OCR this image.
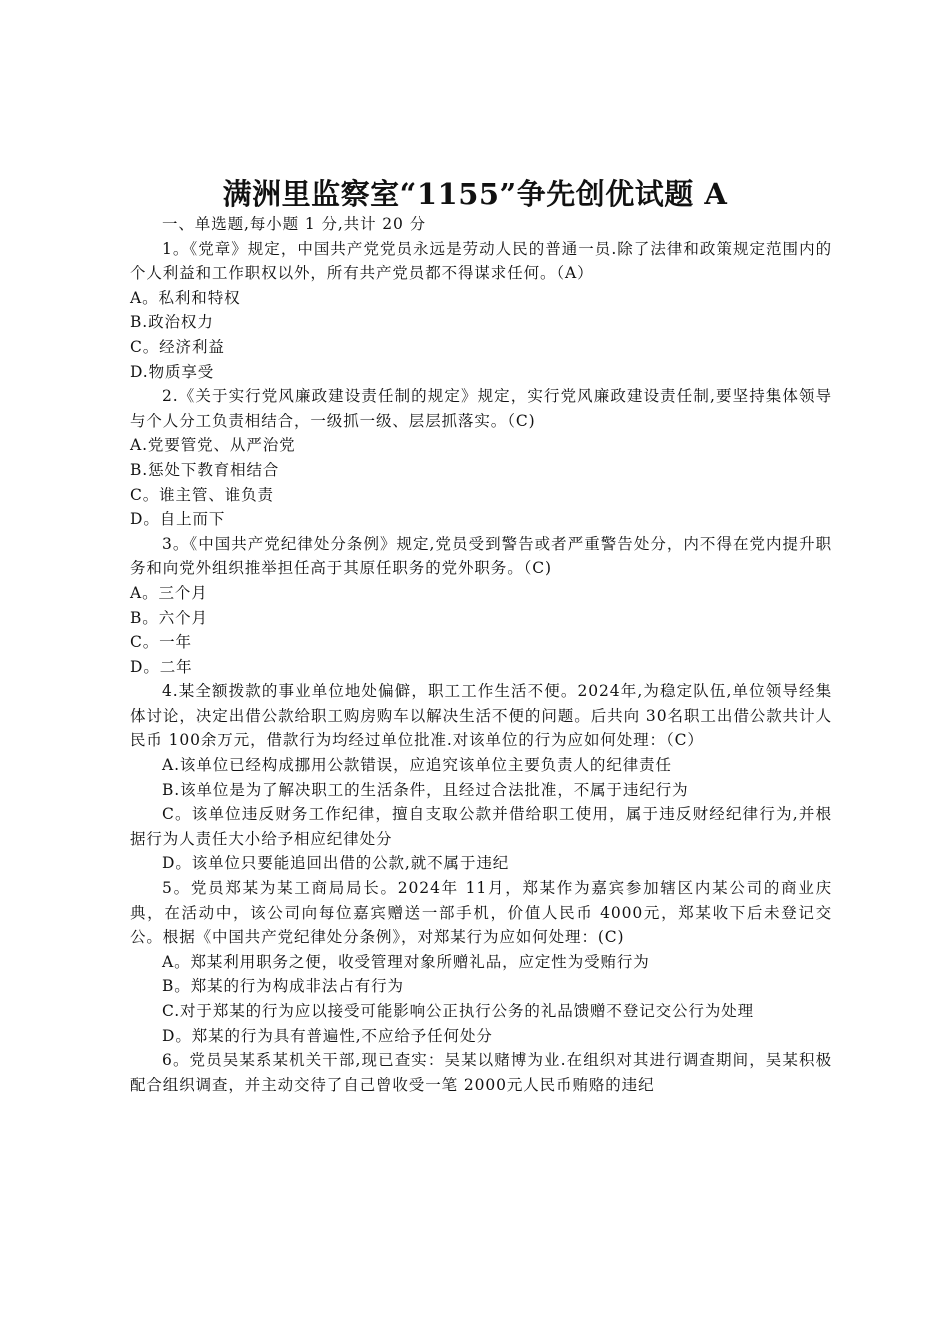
满洲里监察室“1155”争先创优试题 A

一、单选题,每小题 1 分,共计 20 分

1。《党章》规定，中国共产党党员永远是劳动人民的普通一员.除了法律和政策规定范围内的个人利益和工作职权以外，所有共产党员都不得谋求任何。（A）

A。私利和特权

B.政治权力

C。经济利益

D.物质享受

2.《关于实行党风廉政建设责任制的规定》规定，实行党风廉政建设责任制,要坚持集体领导与个人分工负责相结合，一级抓一级、层层抓落实。（C)

A.党要管党、从严治党

B.惩处下教育相结合

C。谁主管、谁负责

D。自上而下

3。《中国共产党纪律处分条例》规定,党员受到警告或者严重警告处分，内不得在党内提升职务和向党外组织推举担任高于其原任职务的党外职务。（C)

A。三个月

B。六个月

C。一年

D。二年

4.某全额拨款的事业单位地处偏僻，职工工作生活不便。2024年,为稳定队伍,单位领导经集体讨论，决定出借公款给职工购房购车以解决生活不便的问题。后共向 30名职工出借公款共计人民币 100余万元，借款行为均经过单位批准.对该单位的行为应如何处理：（C）

A.该单位已经构成挪用公款错误，应追究该单位主要负责人的纪律责任

B.该单位是为了解决职工的生活条件，且经过合法批准，不属于违纪行为

C。该单位违反财务工作纪律，擅自支取公款并借给职工使用，属于违反财经纪律行为,并根据行为人责任大小给予相应纪律处分

D。该单位只要能追回出借的公款,就不属于违纪

5。党员郑某为某工商局局长。2024年 11月，郑某作为嘉宾参加辖区内某公司的商业庆典，在活动中，该公司向每位嘉宾赠送一部手机，价值人民币 4000元，郑某收下后未登记交公。根据《中国共产党纪律处分条例》，对郑某行为应如何处理：(C)

A。郑某利用职务之便，收受管理对象所赠礼品，应定性为受贿行为

B。郑某的行为构成非法占有行为

C.对于郑某的行为应以接受可能影响公正执行公务的礼品馈赠不登记交公行为处理

D。郑某的行为具有普遍性,不应给予任何处分

6。党员吴某系某机关干部,现已查实：吴某以赌博为业.在组织对其进行调查期间，吴某积极配合组织调查，并主动交待了自己曾收受一笔 2000元人民币贿赂的违纪
